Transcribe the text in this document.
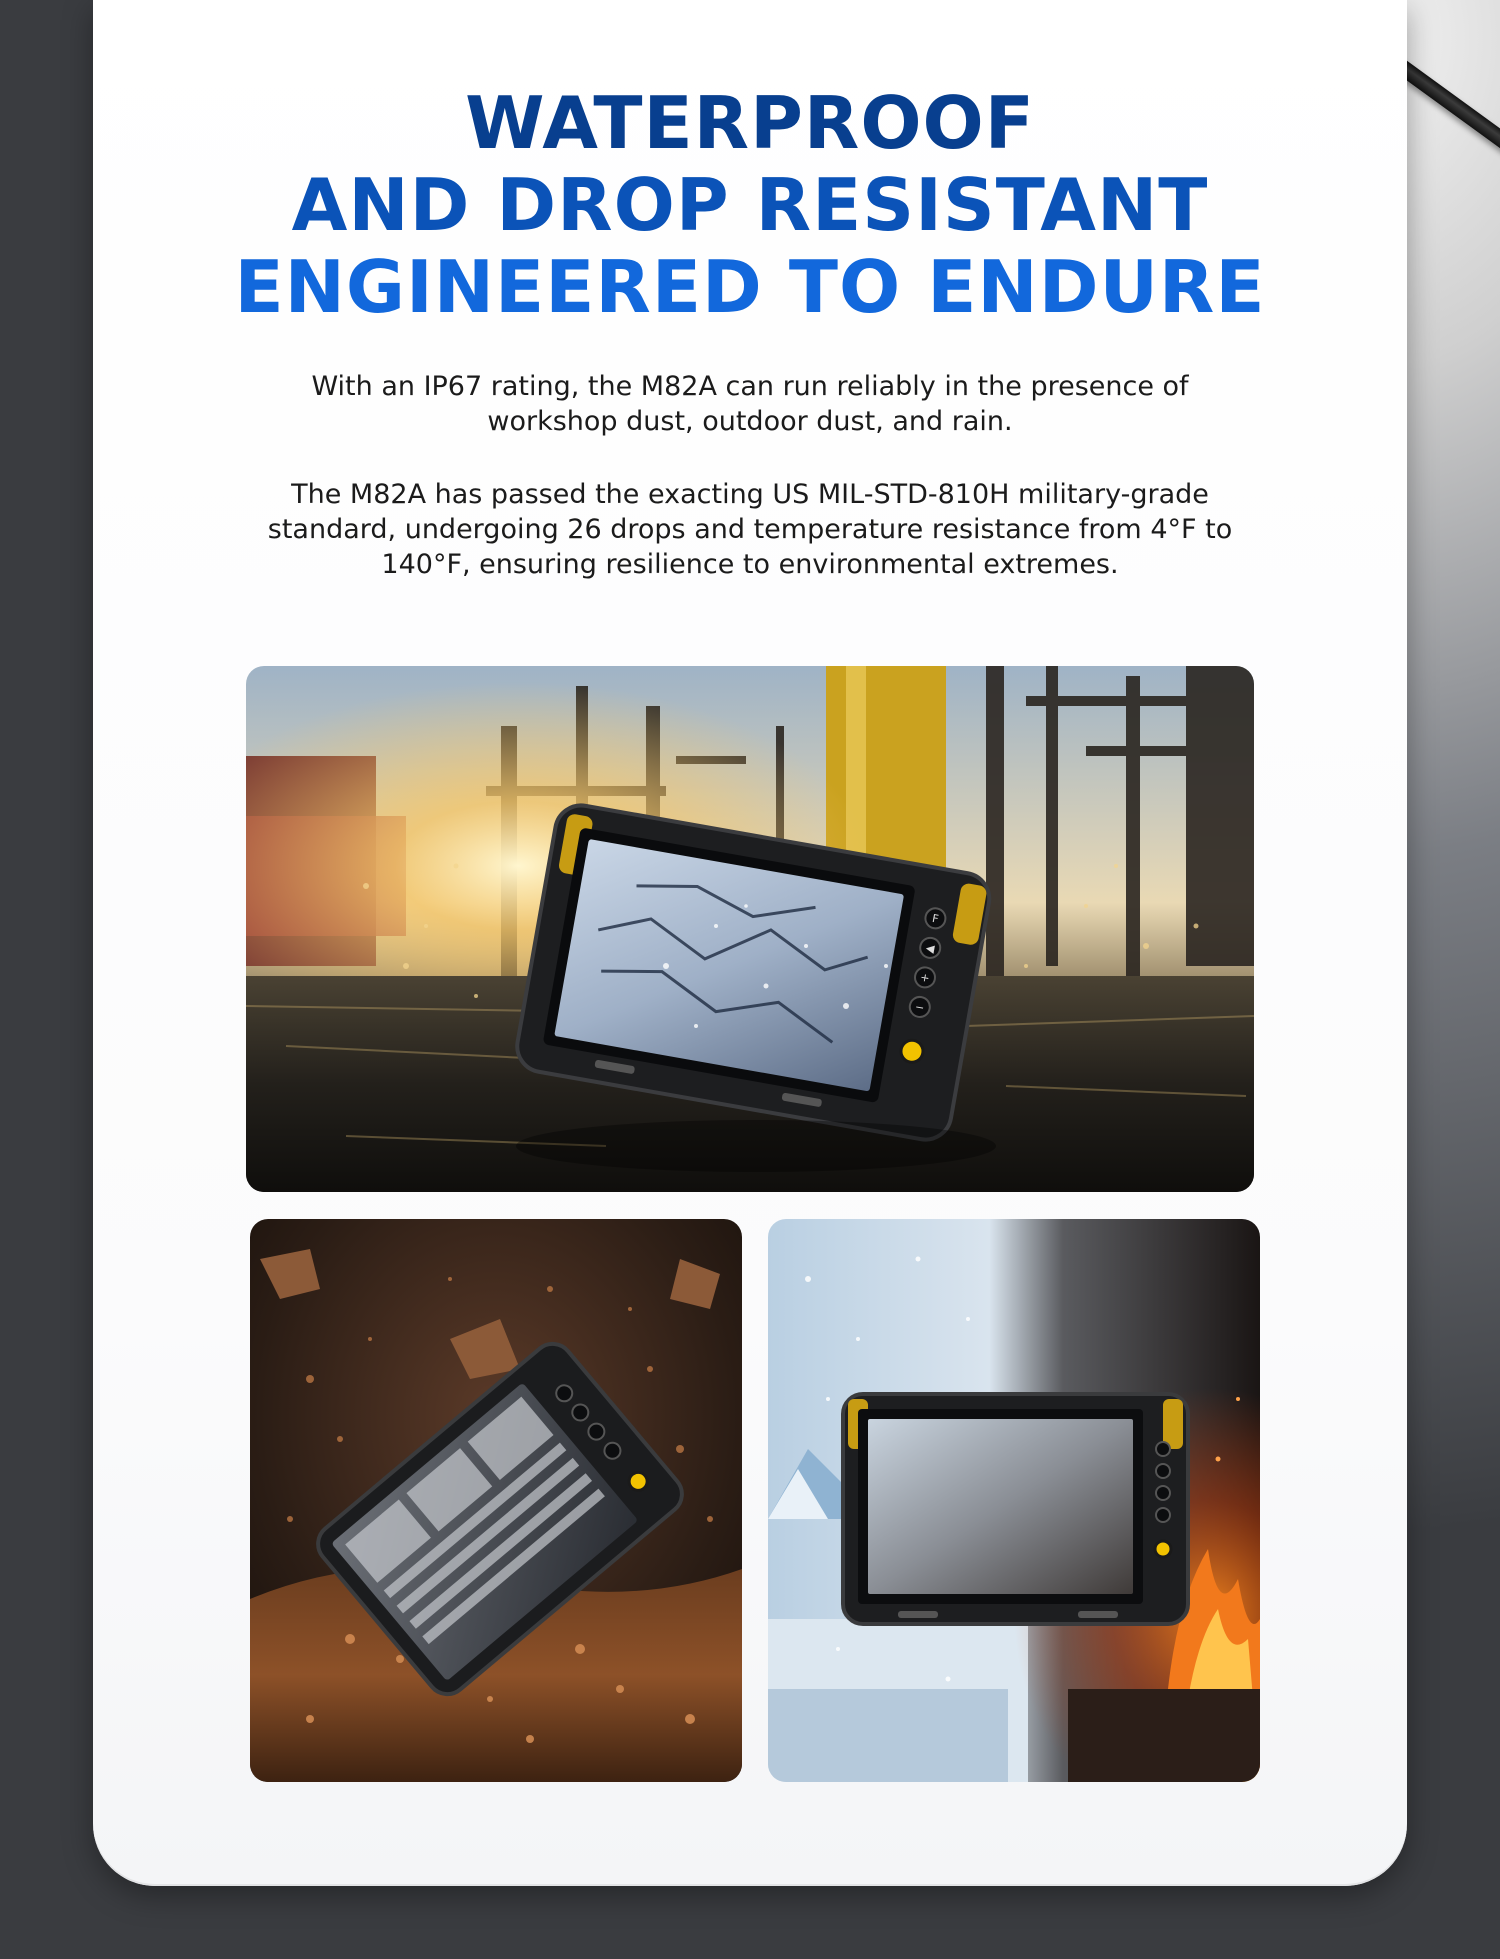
WATERPROOF
AND DROP RESISTANT
ENGINEERED TO ENDURE

With an IP67 rating, the M82A can run reliably in the presence of workshop dust, outdoor dust, and rain.

The M82A has passed the exacting US MIL-STD-810H military-grade standard, undergoing 26 drops and temperature resistance from 4°F to 140°F, ensuring resilience to environmental extremes.

F
◀
+
−
